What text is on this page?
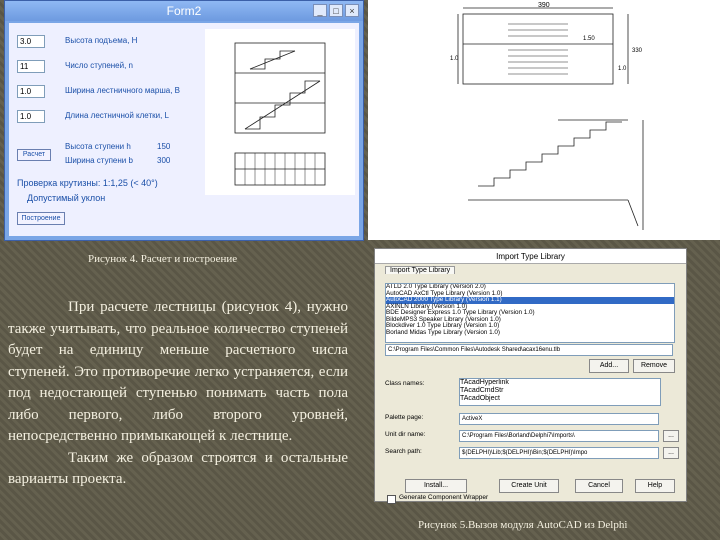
Form2	_	□	×
3.0	Высота подъема, Н
11	Число ступеней, n
1.0	Ширина лестничного марша, В
1.0	Длина лестничной клетки, L
Расчет
Высота ступени h	150
Ширина ступени b	300
Проверка крутизны: 1:1,25 (< 40°)
Допустимый уклон
Построение
390
330
1.0
1.50
1.0
Рисунок 4. Расчет и построение

При расчете лестницы (рисунок 4), нужно также учитывать, что реальное количество ступеней будет на единицу меньше расчетного числа ступеней. Это противоречие легко устраняется, если под недостающей ступенью понимать часть пола либо первого, либо второго уровней, непосредственно примыкающей к лестнице.

Таким же образом строятся и остальные варианты проекта.

Import Type Library
Import Type Library
ATLD 2.0 Type Library (Version 2.0)
AutoCAD AxCtl Type Library (Version 1.0)
AutoCAD 2000 Type Library (Version 1.1)
AXINLN Library (Version 1.0)
BDE Designer Express 1.0 Type Library (Version 1.0)
BildeMPS3 Speaker Library (Version 1.0)
Blockdiver 1.0 Type Library (Version 1.0)
Borland Midas Type Library (Version 1.0)
C:\Program Files\Common Files\Autodesk Shared\acax16enu.tlb
Add...	Remove
Class names:	TAcadHyperlink
TAcadCmdStr
TAcadObject
Palette page:	ActiveX
Unit dir name:	C:\Program Files\Borland\Delphi7\Imports\	...
Search path:	$(DELPHI)\Lib;$(DELPHI)\Bin;$(DELPHI)\Impo	...
Install...	Create Unit	Cancel	Help
Generate Component Wrapper
Рисунок 5.Вызов модуля AutoCAD из Delphi
